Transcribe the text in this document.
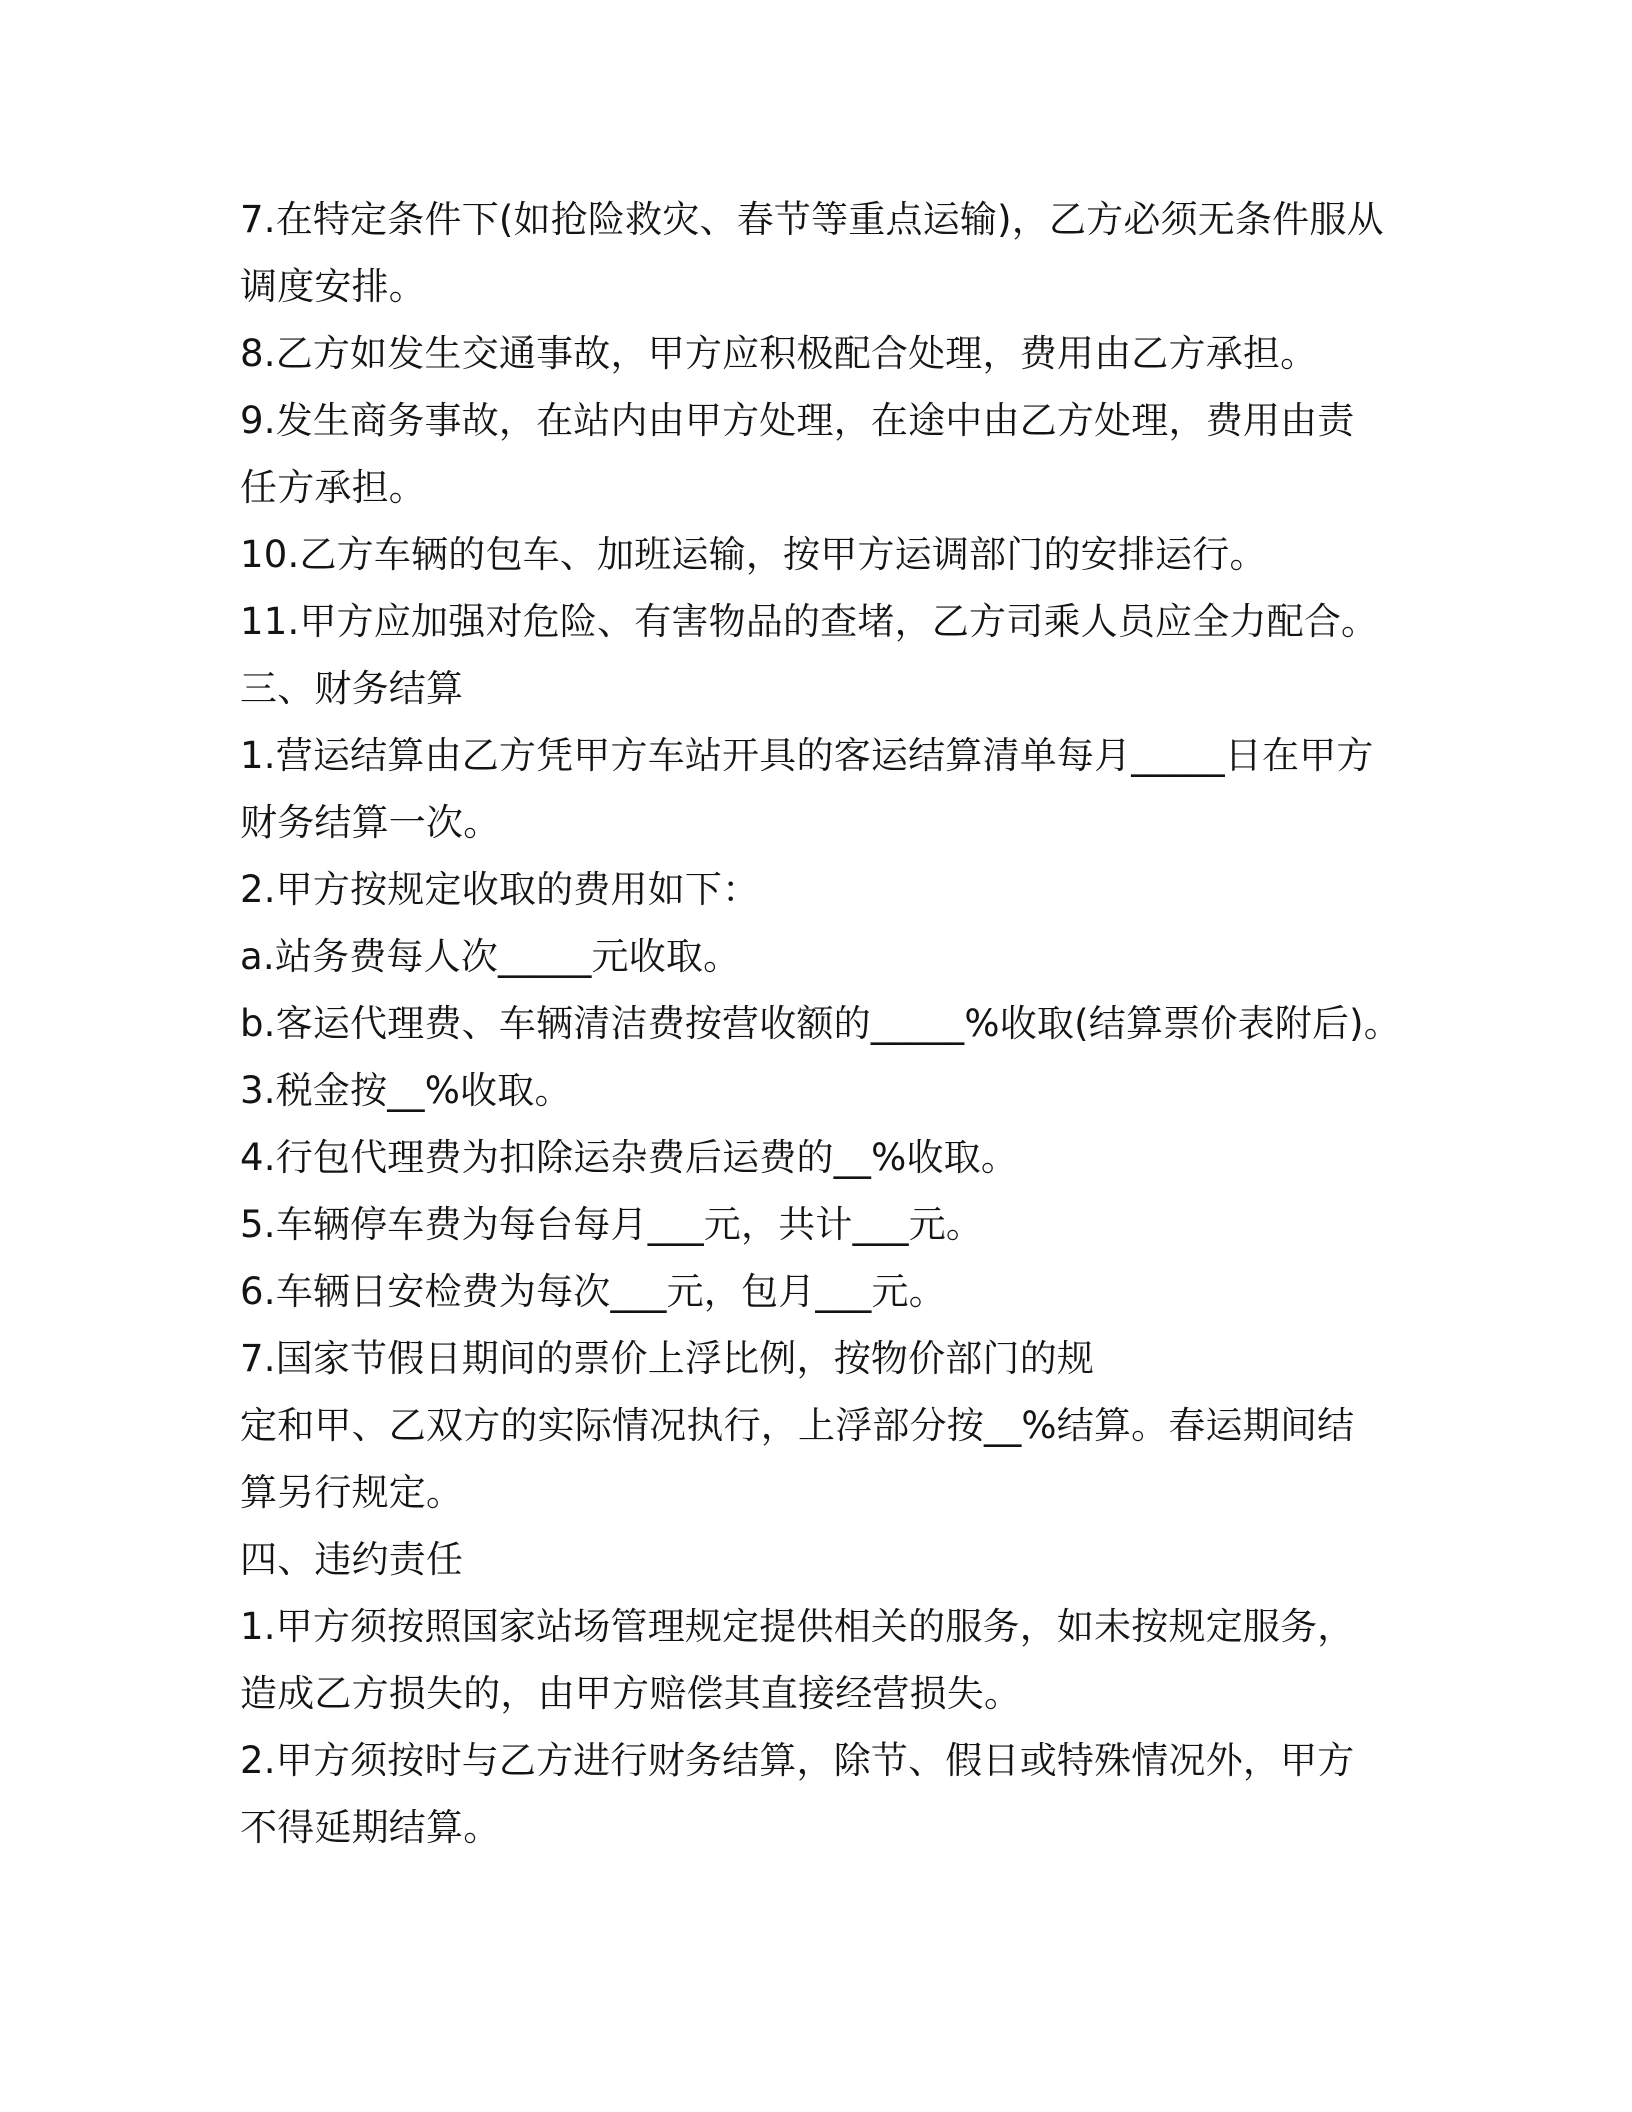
7.在特定条件下(如抢险救灾、春节等重点运输)，乙方必须无条件服从
调度安排。
8.乙方如发生交通事故，甲方应积极配合处理，费用由乙方承担。
9.发生商务事故，在站内由甲方处理，在途中由乙方处理，费用由责
任方承担。
10.乙方车辆的包车、加班运输，按甲方运调部门的安排运行。
11.甲方应加强对危险、有害物品的查堵，乙方司乘人员应全力配合。
三、财务结算
1.营运结算由乙方凭甲方车站开具的客运结算清单每月_____日在甲方
财务结算一次。
2.甲方按规定收取的费用如下：
a.站务费每人次_____元收取。
b.客运代理费、车辆清洁费按营收额的_____%收取(结算票价表附后)。
3.税金按__%收取。
4.行包代理费为扣除运杂费后运费的__%收取。
5.车辆停车费为每台每月___元，共计___元。
6.车辆日安检费为每次___元，包月___元。
7.国家节假日期间的票价上浮比例，按物价部门的规
定和甲、乙双方的实际情况执行，上浮部分按__%结算。春运期间结
算另行规定。
四、违约责任
1.甲方须按照国家站场管理规定提供相关的服务，如未按规定服务，
造成乙方损失的，由甲方赔偿其直接经营损失。
2.甲方须按时与乙方进行财务结算，除节、假日或特殊情况外，甲方
不得延期结算。
